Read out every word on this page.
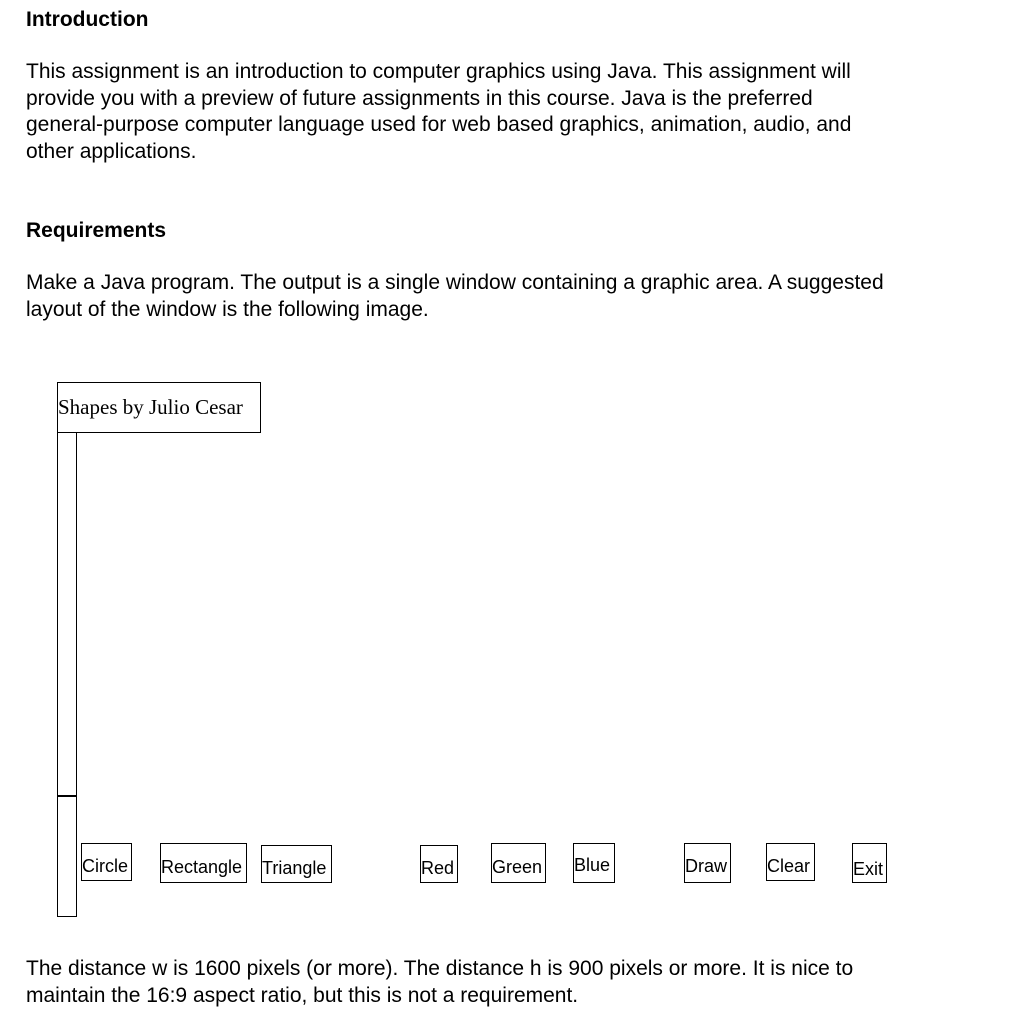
Introduction

This assignment is an introduction to computer graphics using Java. This assignment will
provide you with a preview of future assignments in this course. Java is the preferred
general-purpose computer language used for web based graphics, animation, audio, and
other applications.

Requirements

Make a Java program. The output is a single window containing a graphic area. A suggested
layout of the window is the following image.

Shapes by Julio Cesar
Circle Rectangle Triangle	Red Green Blue	Draw Clear Exit

The distance w is 1600 pixels (or more). The distance h is 900 pixels or more. It is nice to
maintain the 16:9 aspect ratio, but this is not a requirement.
